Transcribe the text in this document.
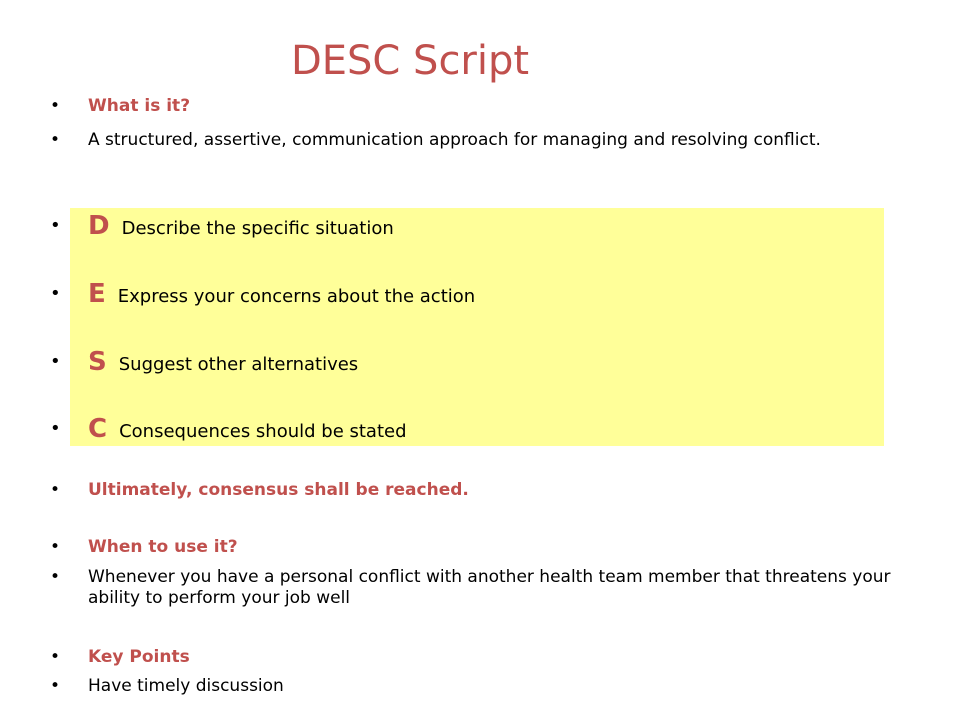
DESC Script
•	What is it?
•	A structured, assertive, communication approach for managing and resolving conflict.
• D Describe the specific situation
• E Express your concerns about the action
• S Suggest other alternatives
• C Consequences should be stated
•	Ultimately, consensus shall be reached.
•	When to use it?
•	Whenever you have a personal conflict with another health team member that threatens your ability to perform your job well
•	Key Points
•	Have timely discussion
